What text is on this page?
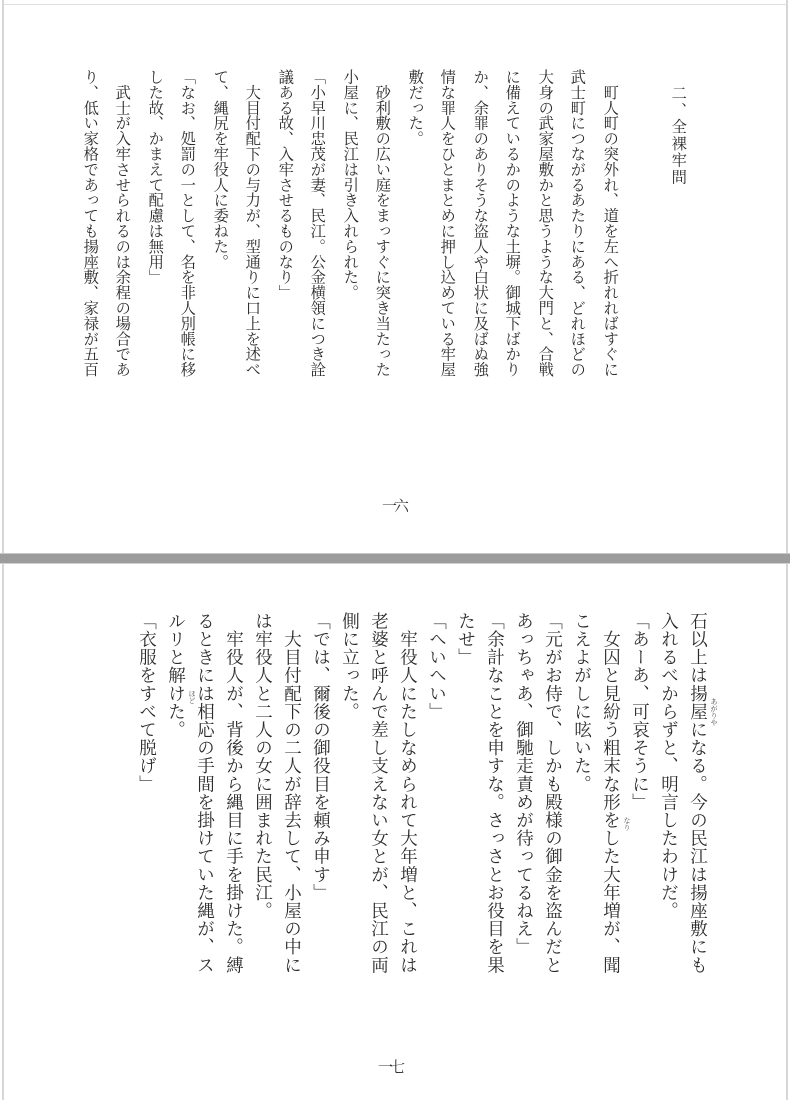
二、全裸牢問
　町人町の突外れ、道を左へ折れればすぐに
武士町につながるあたりにある、どれほどの
大身の武家屋敷かと思うような大門と、合戦
に備えているかのような土塀。御城下ばかり
か、余罪のありそうな盗人や白状に及ばぬ強
情な罪人をひとまとめに押し込めている牢屋
敷だった。
　砂利敷の広い庭をまっすぐに突き当たった
小屋に、民江は引き入れられた。
「小早川忠茂が妻、民江。公金横領につき詮
議ある故、入牢させるものなり」
　大目付配下の与力が、型通りに口上を述べ
て、縄尻を牢役人に委ねた。
「なお、処罰の一として、名を非人別帳に移
した故、かまえて配慮は無用」
　武士が入牢させられるのは余程の場合であ
り、低い家格であっても揚座敷、家禄が五百
一六
石以上は揚屋になる。今の民江は揚座敷にも
入れるべからずと、明言したわけだ。
「あーあ、可哀そうに」
　女囚と見紛う粗末な形をした大年増が、聞
こえよがしに呟いた。
「元がお侍で、しかも殿様の御金を盗んだと
あっちゃあ、御馳走責めが待ってるねえ」
「余計なことを申すな。さっさとお役目を果
たせ」
「へいへい」
　牢役人にたしなめられて大年増と、これは
老婆と呼んで差し支えない女とが、民江の両
側に立った。
「では、爾後の御役目を頼み申す」
　大目付配下の二人が辞去して、小屋の中に
は牢役人と二人の女に囲まれた民江。
　牢役人が、背後から縄目に手を掛けた。縛
るときには相応の手間を掛けていた縄が、ス
ルリと解けた。
「衣服をすべて脱げ」	あがりや
なり
ほど
一七
